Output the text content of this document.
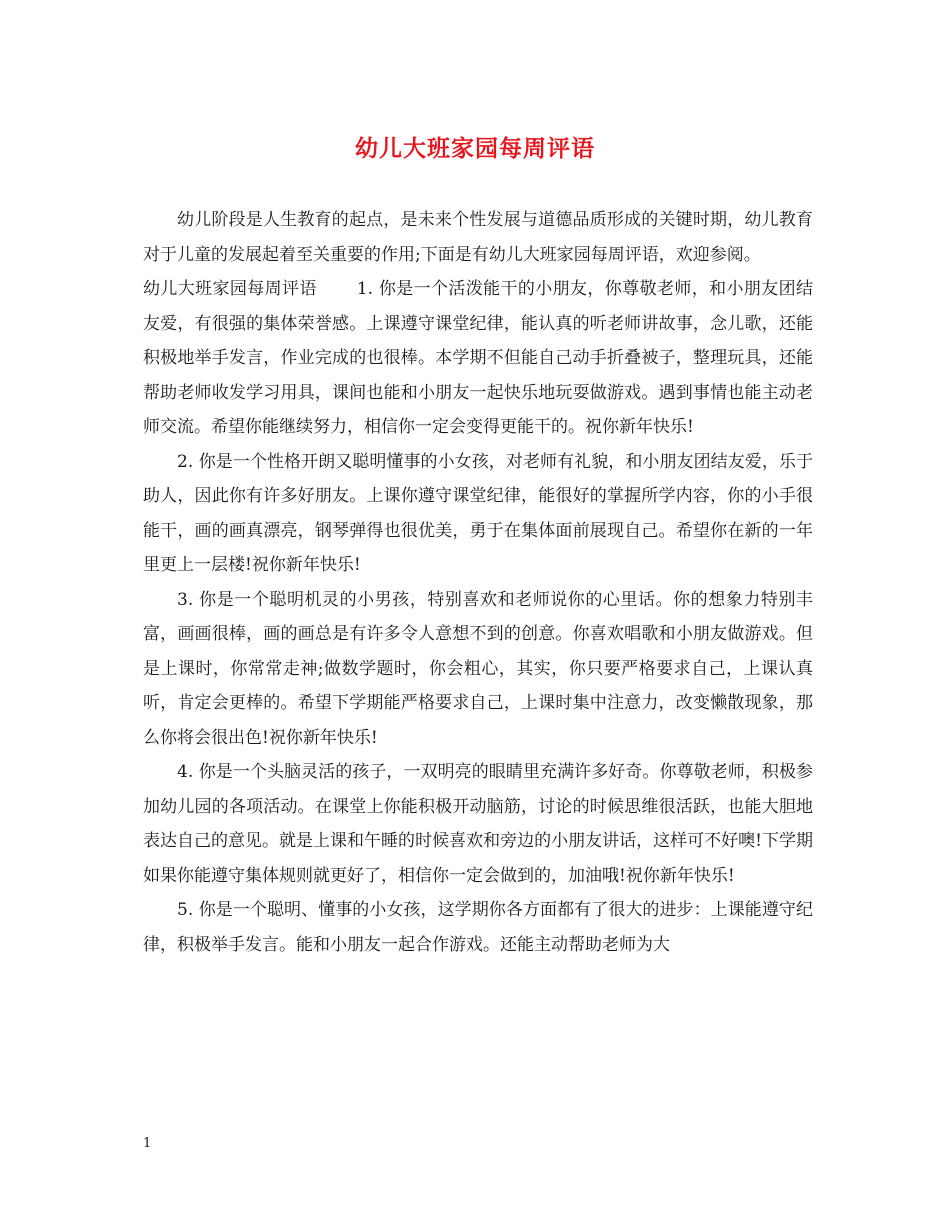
幼儿大班家园每周评语

幼儿阶段是人生教育的起点，是未来个性发展与道德品质形成的关键时期，幼儿教育对于儿童的发展起着至关重要的作用;下面是有幼儿大班家园每周评语，欢迎参阅。

幼儿大班家园每周评语 1. 你是一个活泼能干的小朋友，你尊敬老师，和小朋友团结友爱，有很强的集体荣誉感。上课遵守课堂纪律，能认真的听老师讲故事，念儿歌，还能积极地举手发言，作业完成的也很棒。本学期不但能自己动手折叠被子，整理玩具，还能帮助老师收发学习用具，课间也能和小朋友一起快乐地玩耍做游戏。遇到事情也能主动老师交流。希望你能继续努力，相信你一定会变得更能干的。祝你新年快乐!

2. 你是一个性格开朗又聪明懂事的小女孩，对老师有礼貌，和小朋友团结友爱，乐于助人，因此你有许多好朋友。上课你遵守课堂纪律，能很好的掌握所学内容，你的小手很能干，画的画真漂亮，钢琴弹得也很优美，勇于在集体面前展现自己。希望你在新的一年里更上一层楼!祝你新年快乐!

3. 你是一个聪明机灵的小男孩，特别喜欢和老师说你的心里话。你的想象力特别丰富，画画很棒，画的画总是有许多令人意想不到的创意。你喜欢唱歌和小朋友做游戏。但是上课时，你常常走神;做数学题时，你会粗心，其实，你只要严格要求自己，上课认真听，肯定会更棒的。希望下学期能严格要求自己，上课时集中注意力，改变懒散现象，那么你将会很出色!祝你新年快乐!

4. 你是一个头脑灵活的孩子，一双明亮的眼睛里充满许多好奇。你尊敬老师，积极参加幼儿园的各项活动。在课堂上你能积极开动脑筋，讨论的时候思维很活跃，也能大胆地表达自己的意见。就是上课和午睡的时候喜欢和旁边的小朋友讲话，这样可不好噢!下学期如果你能遵守集体规则就更好了，相信你一定会做到的，加油哦!祝你新年快乐!

5. 你是一个聪明、懂事的小女孩，这学期你各方面都有了很大的进步：上课能遵守纪律，积极举手发言。能和小朋友一起合作游戏。还能主动帮助老师为大

1
